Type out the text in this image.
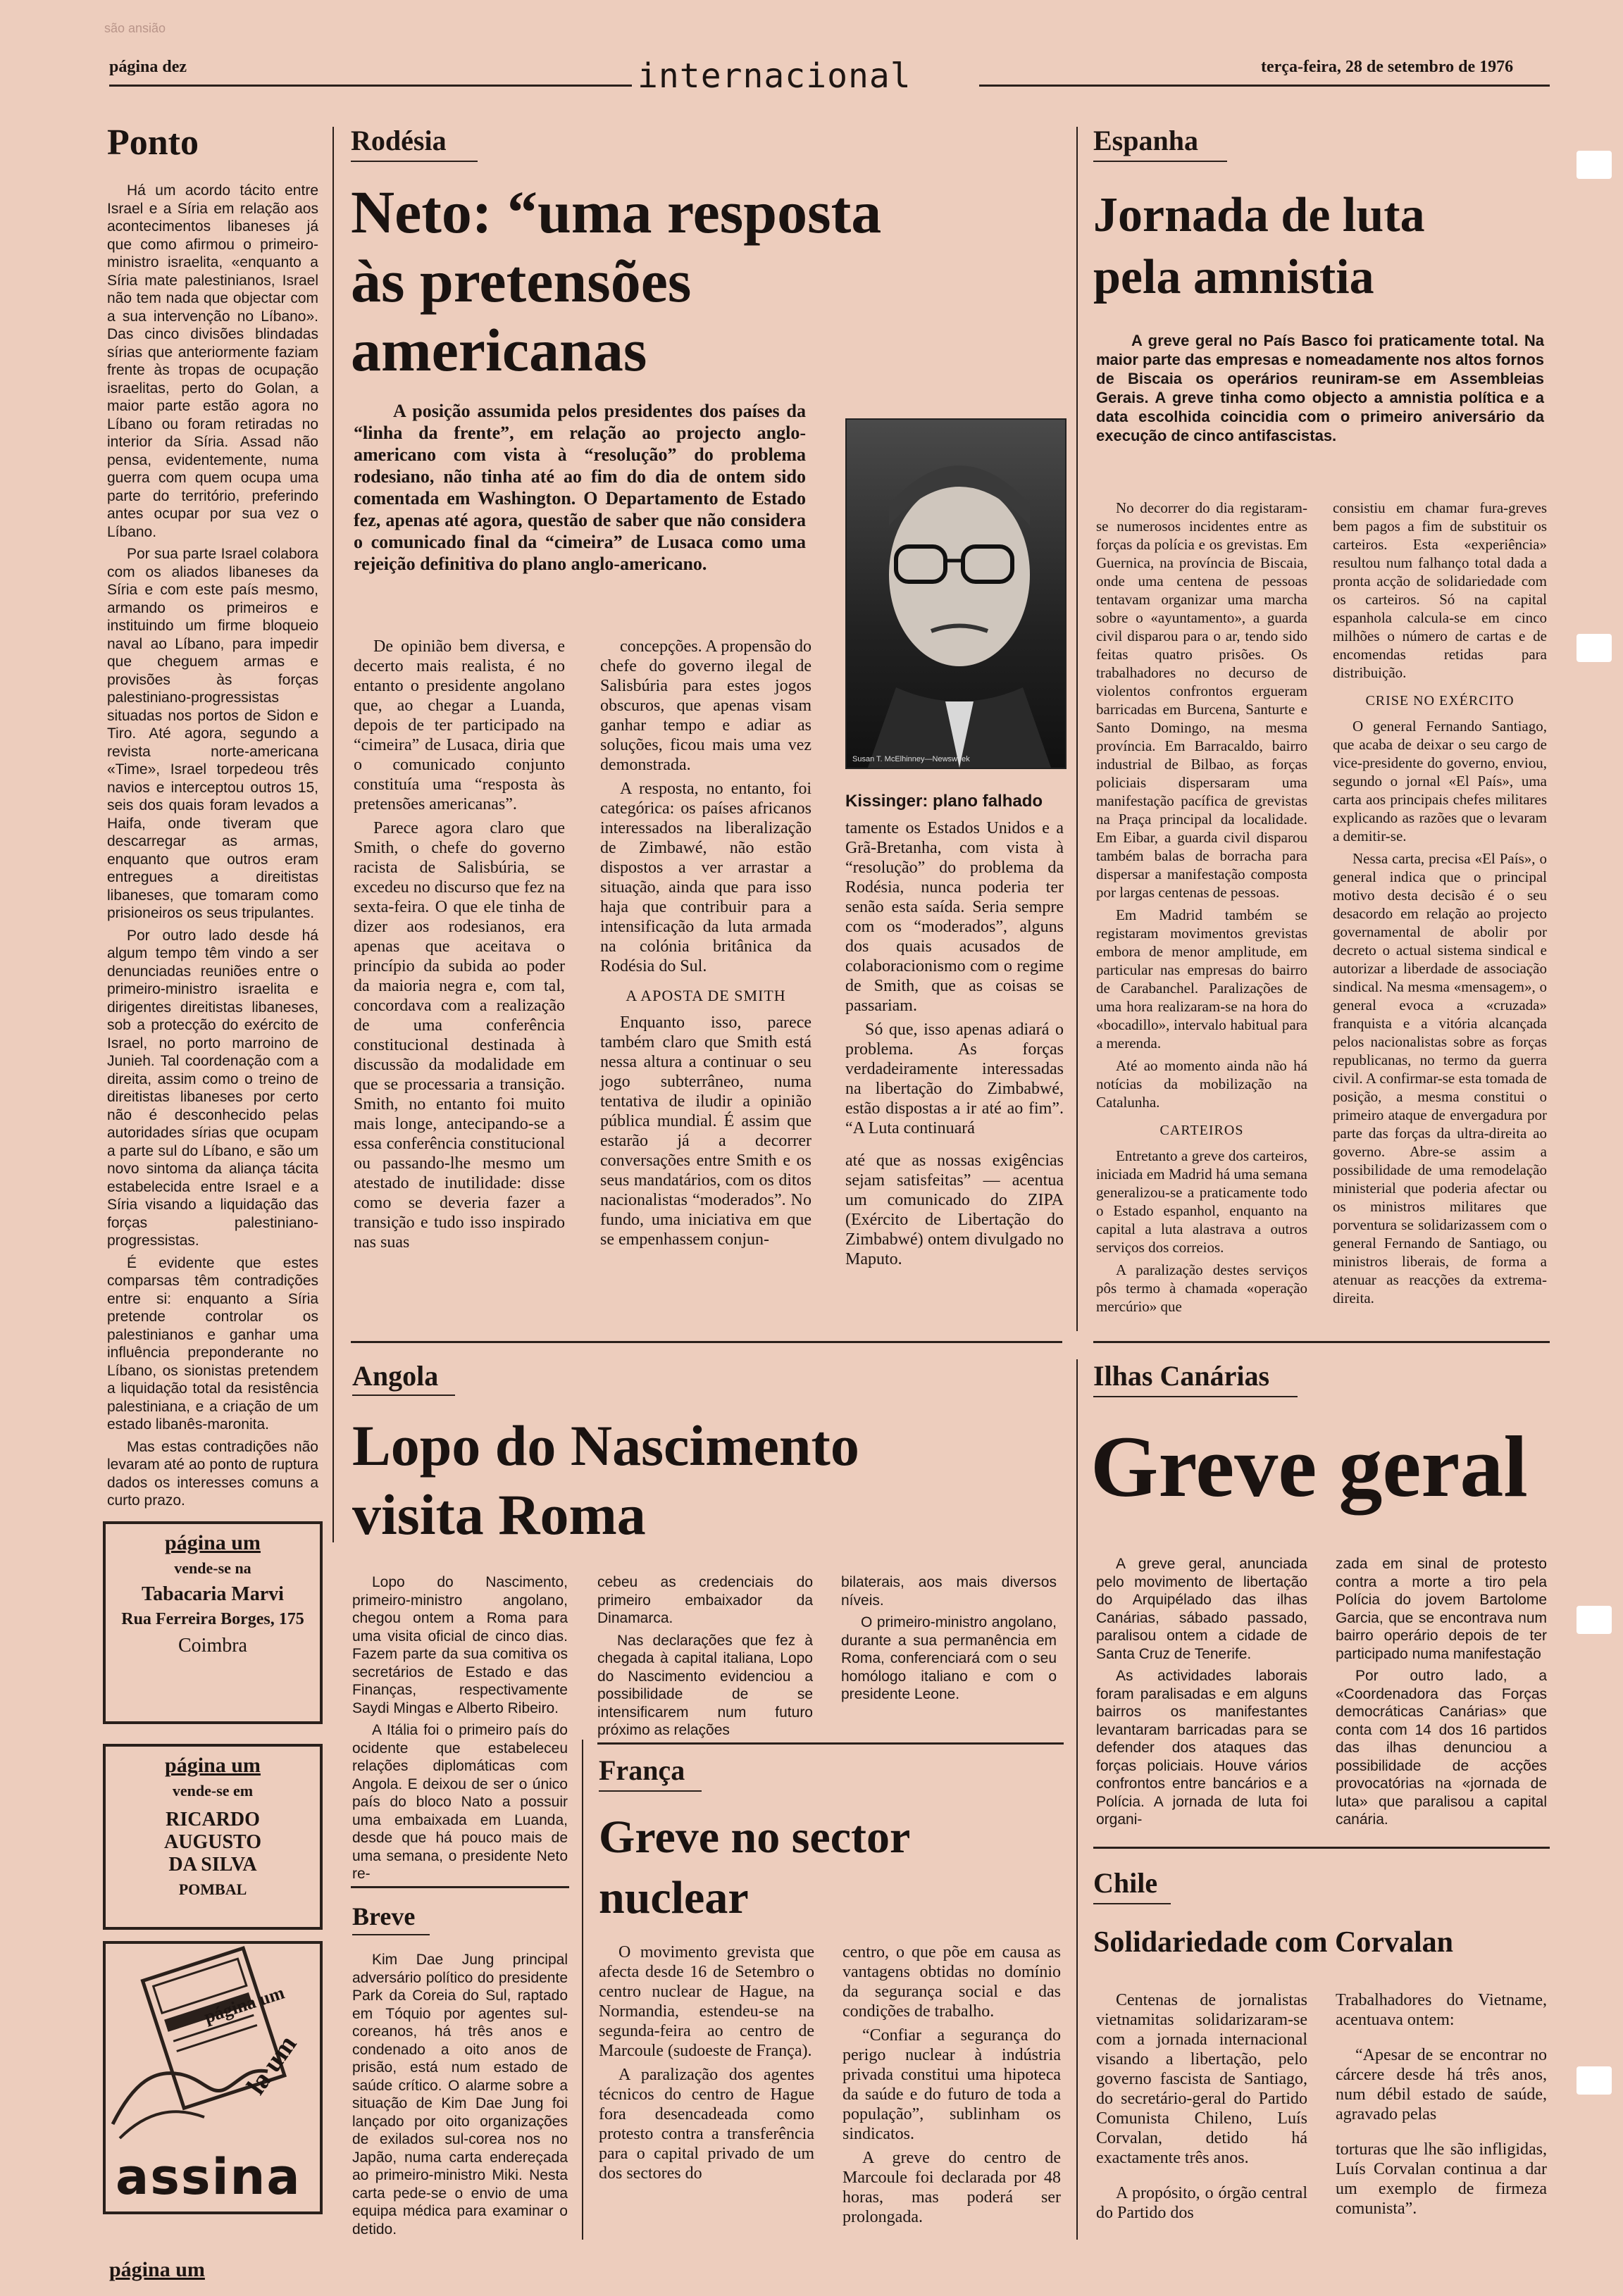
são ansião
página dez	internacional	terça-feira, 28 de setembro de 1976
Ponto

Há um acordo tácito entre Israel e a Síria em relação aos acontecimentos libaneses já que como afirmou o primeiro-ministro israelita, «enquanto a Síria mate palestinianos, Israel não tem nada que objectar com a sua intervenção no Líbano». Das cinco divisões blindadas sírias que anteriormente faziam frente às tropas de ocupação israelitas, perto do Golan, a maior parte estão agora no Líbano ou foram retiradas no interior da Síria. Assad não pensa, evidentemente, numa guerra com quem ocupa uma parte do território, preferindo antes ocupar por sua vez o Líbano.

Por sua parte Israel colabora com os aliados libaneses da Síria e com este país mesmo, armando os primeiros e instituindo um firme bloqueio naval ao Líbano, para impedir que cheguem armas e provisões às forças palestiniano-progressistas situadas nos portos de Sidon e Tiro. Até agora, segundo a revista norte-americana «Time», Israel torpedeou três navios e interceptou outros 15, seis dos quais foram levados a Haifa, onde tiveram que descarregar as armas, enquanto que outros eram entregues a direitistas libaneses, que tomaram como prisioneiros os seus tripulantes.

Por outro lado desde há algum tempo têm vindo a ser denunciadas reuniões entre o primeiro-ministro israelita e dirigentes direitistas libaneses, sob a protecção do exército de Israel, no porto marroino de Junieh. Tal coordenação com a direita, assim como o treino de direitistas libaneses por certo não é desconhecido pelas autoridades sírias que ocupam a parte sul do Líbano, e são um novo sintoma da aliança tácita estabelecida entre Israel e a Síria visando a liquidação das forças palestiniano-progressistas.

É evidente que estes comparsas têm contradições entre si: enquanto a Síria pretende controlar os palestinianos e ganhar uma influência preponderante no Líbano, os sionistas pretendem a liquidação total da resistência palestiniana, e a criação de um estado libanês-maronita.

Mas estas contradições não levaram até ao ponto de ruptura dados os interesses comuns a curto prazo.

página um
vende-se na
Tabacaria Marvi
Rua Ferreira Borges, 175
Coimbra
página um
vende-se em
RICARDO
AUGUSTO
DA SILVA
POMBAL
página um
la um
assina
página um
Rodésia
Neto: “uma resposta
às pretensões
americanas

A posição assumida pelos presidentes dos países da “linha da frente”, em relação ao projecto anglo-americano com vista à “resolução” do problema rodesiano, não tinha até ao fim do dia de ontem sido comentada em Washington. O Departamento de Estado fez, apenas até agora, questão de saber que não considera o comunicado final da “cimeira” de Lusaca como uma rejeição definitiva do plano anglo-americano.

De opinião bem diversa, e decerto mais realista, é no entanto o presidente angolano que, ao chegar a Luanda, depois de ter participado na “cimeira” de Lusaca, diria que o comunicado conjunto constituía uma “resposta às pretensões americanas”.

Parece agora claro que Smith, o chefe do governo racista de Salisbúria, se excedeu no discurso que fez na sexta-feira. O que ele tinha de dizer aos rodesianos, era apenas que aceitava o princípio da subida ao poder da maioria negra e, com tal, concordava com a realização de uma conferência constitucional destinada à discussão da modalidade em que se processaria a transição. Smith, no entanto foi muito mais longe, antecipando-se a essa conferência constitucional ou passando-lhe mesmo um atestado de inutilidade: disse como se deveria fazer a transição e tudo isso inspirado nas suas

concepções. A propensão do chefe do governo ilegal de Salisbúria para estes jogos obscuros, que apenas visam ganhar tempo e adiar as soluções, ficou mais uma vez demonstrada.

A resposta, no entanto, foi categórica: os países africanos interessados na liberalização de Zimbawé, não estão dispostos a ver arrastar a situação, ainda que para isso haja que contribuir para a intensificação da luta armada na colónia britânica da Rodésia do Sul.

A APOSTA DE SMITH

Enquanto isso, parece também claro que Smith está nessa altura a continuar o seu jogo subterrâneo, numa tentativa de iludir a opinião pública mundial. É assim que estarão já a decorrer conversações entre Smith e os seus mandatários, com os ditos nacionalistas “moderados”. No fundo, uma iniciativa em que se empenhassem conjun-

Susan T. McElhinney—Newsweek
Kissinger: plano falhado

tamente os Estados Unidos e a Grã-Bretanha, com vista à “resolução” do problema da Rodésia, nunca poderia ter senão esta saída. Seria sempre com os “moderados”, alguns dos quais acusados de colaboracionismo com o regime de Smith, que as coisas se passariam.

Só que, isso apenas adiará o problema. As forças verdadeiramente interessadas na libertação do Zimbabwé, estão dispostas a ir até ao fim”. “A Luta continuará

até que as nossas exigências sejam satisfeitas” — acentua um comunicado do ZIPA (Exército de Libertação do Zimbabwé) ontem divulgado no Maputo.

Espanha
Jornada de luta
pela amnistia

A greve geral no País Basco foi praticamente total. Na maior parte das empresas e nomeadamente nos altos fornos de Biscaia os operários reuniram-se em Assembleias Gerais. A greve tinha como objecto a amnistia política e a data escolhida coincidia com o primeiro aniversário da execução de cinco antifascistas.

No decorrer do dia registaram-se numerosos incidentes entre as forças da polícia e os grevistas. Em Guernica, na província de Biscaia, onde uma centena de pessoas tentavam organizar uma marcha sobre o «ayuntamento», a guarda civil disparou para o ar, tendo sido feitas quatro prisões. Os trabalhadores no decurso de violentos confrontos ergueram barricadas em Burcena, Santurte e Santo Domingo, na mesma província. Em Barracaldo, bairro industrial de Bilbao, as forças policiais dispersaram uma manifestação pacífica de grevistas na Praça principal da localidade. Em Eibar, a guarda civil disparou também balas de borracha para dispersar a manifestação composta por largas centenas de pessoas.

Em Madrid também se registaram movimentos grevistas embora de menor amplitude, em particular nas empresas do bairro de Carabanchel. Paralizações de uma hora realizaram-se na hora do «bocadillo», intervalo habitual para a merenda.

Até ao momento ainda não há notícias da mobilização na Catalunha.

CARTEIROS

Entretanto a greve dos carteiros, iniciada em Madrid há uma semana generalizou-se a praticamente todo o Estado espanhol, enquanto na capital a luta alastrava a outros serviços dos correios.

A paralização destes serviços pôs termo à chamada «operação mercúrio» que

consistiu em chamar fura-greves bem pagos a fim de substituir os carteiros. Esta «experiência» resultou num falhanço total dada a pronta acção de solidariedade com os carteiros. Só na capital espanhola calcula-se em cinco milhões o número de cartas e de encomendas retidas para distribuição.

CRISE NO EXÉRCITO

O general Fernando Santiago, que acaba de deixar o seu cargo de vice-presidente do governo, enviou, segundo o jornal «El País», uma carta aos principais chefes militares explicando as razões que o levaram a demitir-se.

Nessa carta, precisa «El País», o general indica que o principal motivo desta decisão é o seu desacordo em relação ao projecto governamental de abolir por decreto o actual sistema sindical e autorizar a liberdade de associação sindical. Na mesma «mensagem», o general evoca a «cruzada» franquista e a vitória alcançada pelos nacionalistas sobre as forças republicanas, no termo da guerra civil. A confirmar-se esta tomada de posição, a mesma constitui o primeiro ataque de envergadura por parte das forças da ultra-direita ao governo. Abre-se assim a possibilidade de uma remodelação ministerial que poderia afectar ou os ministros militares que porventura se solidarizassem com o general Fernando de Santiago, ou ministros liberais, de forma a atenuar as reacções da extrema-direita.

Angola
Lopo do Nascimento
visita Roma

Lopo do Nascimento, primeiro-ministro angolano, chegou ontem a Roma para uma visita oficial de cinco dias. Fazem parte da sua comitiva os secretários de Estado e das Finanças, respectivamente Saydi Mingas e Alberto Ribeiro.

A Itália foi o primeiro país do ocidente que estabeleceu relações diplomáticas com Angola. E deixou de ser o único país do bloco Nato a possuir uma embaixada em Luanda, desde que há pouco mais de uma semana, o presidente Neto re-

cebeu as credenciais do primeiro embaixador da Dinamarca.

Nas declarações que fez à chegada à capital italiana, Lopo do Nascimento evidenciou a possibilidade de se intensificarem num futuro próximo as relações

bilaterais, aos mais diversos níveis.

O primeiro-ministro angolano, durante a sua permanência em Roma, conferenciará com o seu homólogo italiano e com o presidente Leone.

Breve

Kim Dae Jung principal adversário político do presidente Park da Coreia do Sul, raptado em Tóquio por agentes sul-coreanos, há três anos e condenado a oito anos de prisão, está num estado de saúde crítico. O alarme sobre a situação de Kim Dae Jung foi lançado por oito organizações de exilados sul-corea nos no Japão, numa carta endereçada ao primeiro-ministro Miki. Nesta carta pede-se o envio de uma equipa médica para examinar o detido.

França
Greve no sector
nuclear

O movimento grevista que afecta desde 16 de Setembro o centro nuclear de Hague, na Normandia, estendeu-se na segunda-feira ao centro de Marcoule (sudoeste de França).

A paralização dos agentes técnicos do centro de Hague fora desencadeada como protesto contra a transferência para o capital privado de um dos sectores do

centro, o que põe em causa as vantagens obtidas no domínio da segurança social e das condições de trabalho.

“Confiar a segurança do perigo nuclear à indústria privada constitui uma hipoteca da saúde e do futuro de toda a população”, sublinham os sindicatos.

A greve do centro de Marcoule foi declarada por 48 horas, mas poderá ser prolongada.

Ilhas Canárias
Greve geral

A greve geral, anunciada pelo movimento de libertação do Arquipélado das ilhas Canárias, sábado passado, paralisou ontem a cidade de Santa Cruz de Tenerife.

As actividades laborais foram paralisadas e em alguns bairros os manifestantes levantaram barricadas para se defender dos ataques das forças policiais. Houve vários confrontos entre bancários e a Polícia. A jornada de luta foi organi-

zada em sinal de protesto contra a morte a tiro pela Polícia do jovem Bartolome Garcia, que se encontrava num bairro operário depois de ter participado numa manifestação

Por outro lado, a «Coordenadora das Forças democráticas Canárias» que conta com 14 dos 16 partidos das ilhas denunciou a possibilidade de acções provocatórias na «jornada de luta» que paralisou a capital canária.

Chile
Solidariedade com Corvalan

Centenas de jornalistas vietnamitas solidarizaram-se com a jornada internacional visando a libertação, pelo governo fascista de Santiago, do secretário-geral do Partido Comunista Chileno, Luís Corvalan, detido há exactamente três anos.

A propósito, o órgão central do Partido dos

Trabalhadores do Vietname, acentuava ontem:

“Apesar de se encontrar no cárcere desde há três anos, num débil estado de saúde, agravado pelas

torturas que lhe são infligidas, Luís Corvalan continua a dar um exemplo de firmeza comunista”.
